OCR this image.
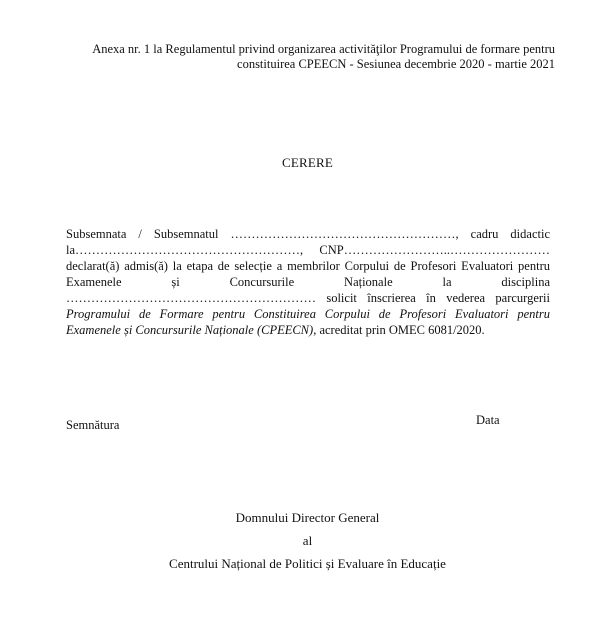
Anexa nr. 1 la Regulamentul privind organizarea activităţilor Programului de formare pentru
constituirea CPEECN - Sesiunea decembrie 2020 - martie 2021
CERERE
Subsemnata / Subsemnatul ………………………………………………, cadru didactic
la………………………………………………, CNP……………………..……………………
declarat(ă) admis(ă) la etapa de selecție a membrilor Corpului de Profesori Evaluatori pentru
Examenele și Concursurile Naționale la disciplina
…………………………………………………… solicit înscrierea în vederea parcurgerii

Programului de Formare pentru Constituirea Corpului de Profesori Evaluatori pentru Examenele și Concursurile Naționale (CPEECN), acreditat prin OMEC 6081/2020.

Semnătura	Data
Domnului Director General
al
Centrului Național de Politici și Evaluare în Educație
